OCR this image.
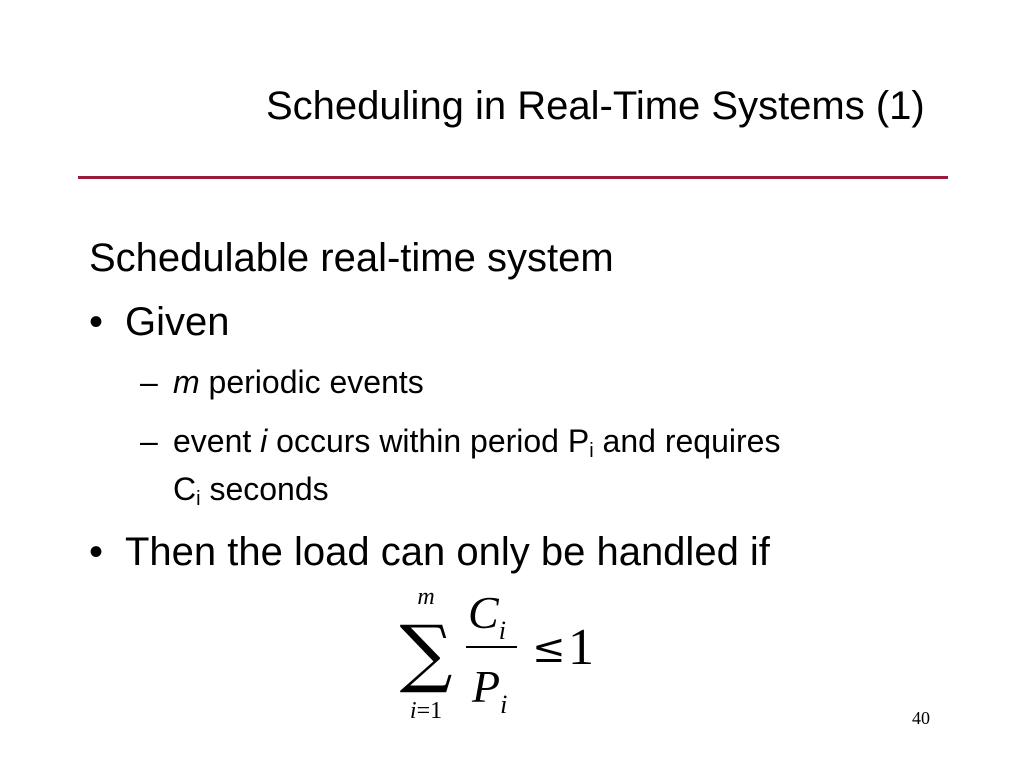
Scheduling in Real-Time Systems (1)
Schedulable real-time system
• Given
– m periodic events
– event i occurs within period $P_i$ and requires
$C_i$ seconds
• Then the load can only be handled if
m
∑
i=1
$C_i$
$P_i$
≤ 1
40
